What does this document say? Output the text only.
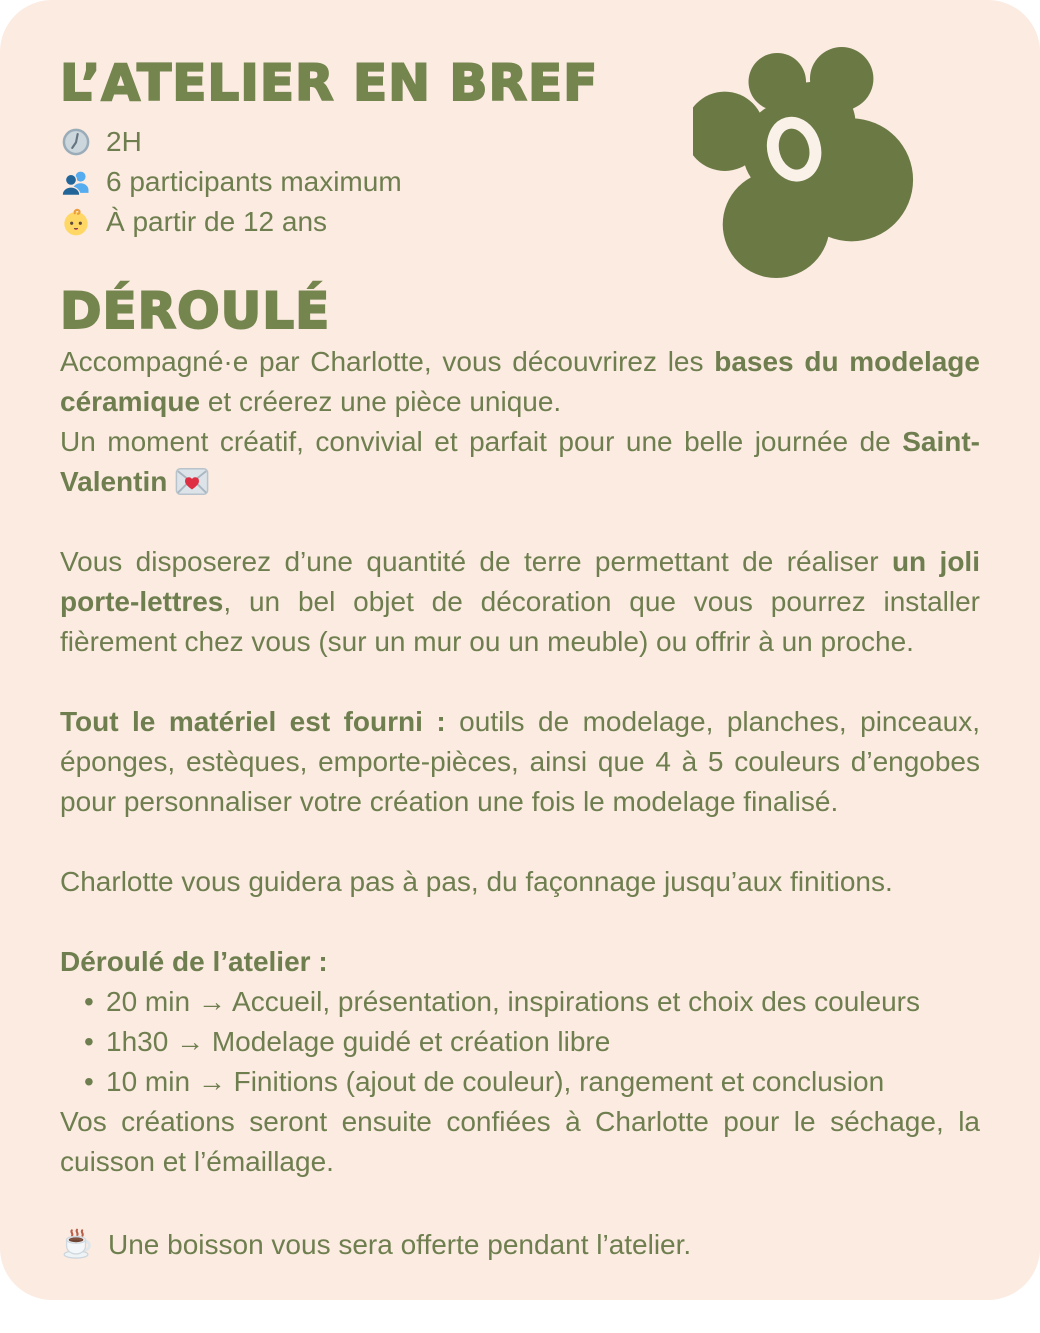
L’ATELIER EN BREF
2H
6 participants maximum
À partir de 12 ans
DÉROULÉ

Accompagné·e par Charlotte, vous découvrirez les bases du modelage céramique et créerez une pièce unique.

Un moment créatif, convivial et parfait pour une belle journée de Saint-Valentin

Vous disposerez d’une quantité de terre permettant de réaliser un joli porte-lettres, un bel objet de décoration que vous pourrez installer fièrement chez vous (sur un mur ou un meuble) ou offrir à un proche.

Tout le matériel est fourni : outils de modelage, planches, pinceaux, éponges, estèques, emporte-pièces, ainsi que 4 à 5 couleurs d’engobes pour personnaliser votre création une fois le modelage finalisé.

Charlotte vous guidera pas à pas, du façonnage jusqu’aux finitions.

Déroulé de l’atelier :

• 20 min → Accueil, présentation, inspirations et choix des couleurs
• 1h30 → Modelage guidé et création libre
• 10 min → Finitions (ajout de couleur), rangement et conclusion

Vos créations seront ensuite confiées à Charlotte pour le séchage, la cuisson et l’émaillage.

Une boisson vous sera offerte pendant l’atelier.
